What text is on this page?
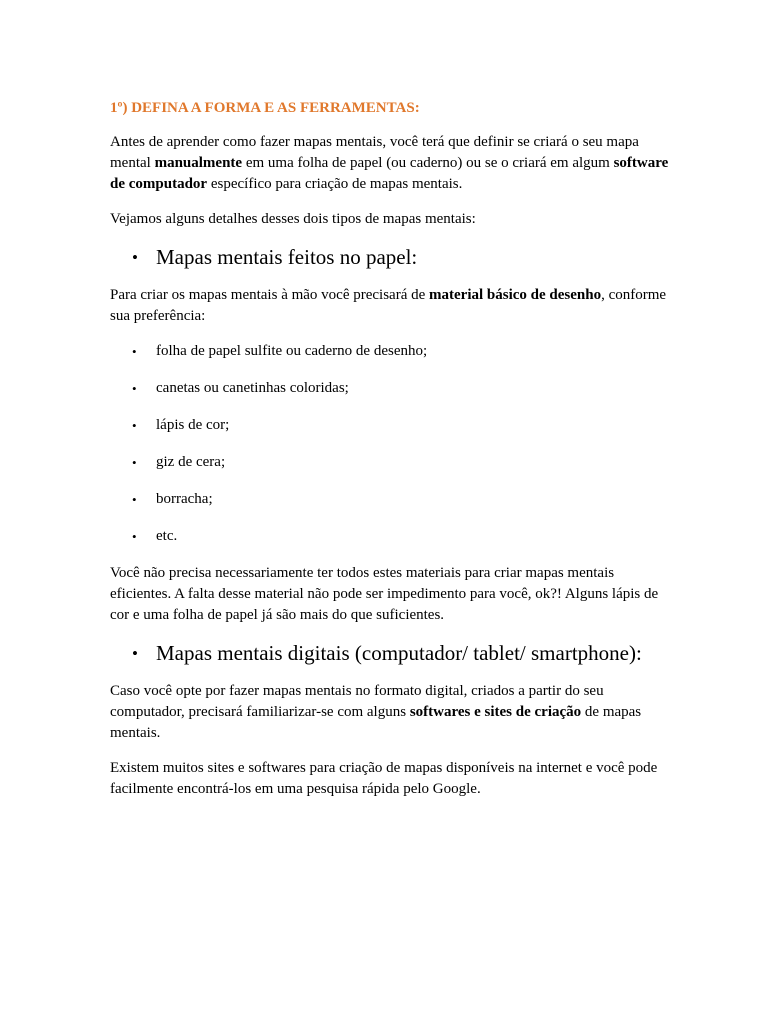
1º) DEFINA A FORMA E AS FERRAMENTAS:

Antes de aprender como fazer mapas mentais, você terá que definir se criará o seu mapa mental manualmente em uma folha de papel (ou caderno) ou se o criará em algum software de computador específico para criação de mapas mentais.

Vejamos alguns detalhes desses dois tipos de mapas mentais:

• Mapas mentais feitos no papel:

Para criar os mapas mentais à mão você precisará de material básico de desenho, conforme sua preferência:

• folha de papel sulfite ou caderno de desenho;
• canetas ou canetinhas coloridas;
• lápis de cor;
• giz de cera;
• borracha;
• etc.

Você não precisa necessariamente ter todos estes materiais para criar mapas mentais eficientes. A falta desse material não pode ser impedimento para você, ok?! Alguns lápis de cor e uma folha de papel já são mais do que suficientes.

• Mapas mentais digitais (computador/ tablet/ smartphone):

Caso você opte por fazer mapas mentais no formato digital, criados a partir do seu computador, precisará familiarizar-se com alguns softwares e sites de criação de mapas mentais.

Existem muitos sites e softwares para criação de mapas disponíveis na internet e você pode facilmente encontrá-los em uma pesquisa rápida pelo Google.
